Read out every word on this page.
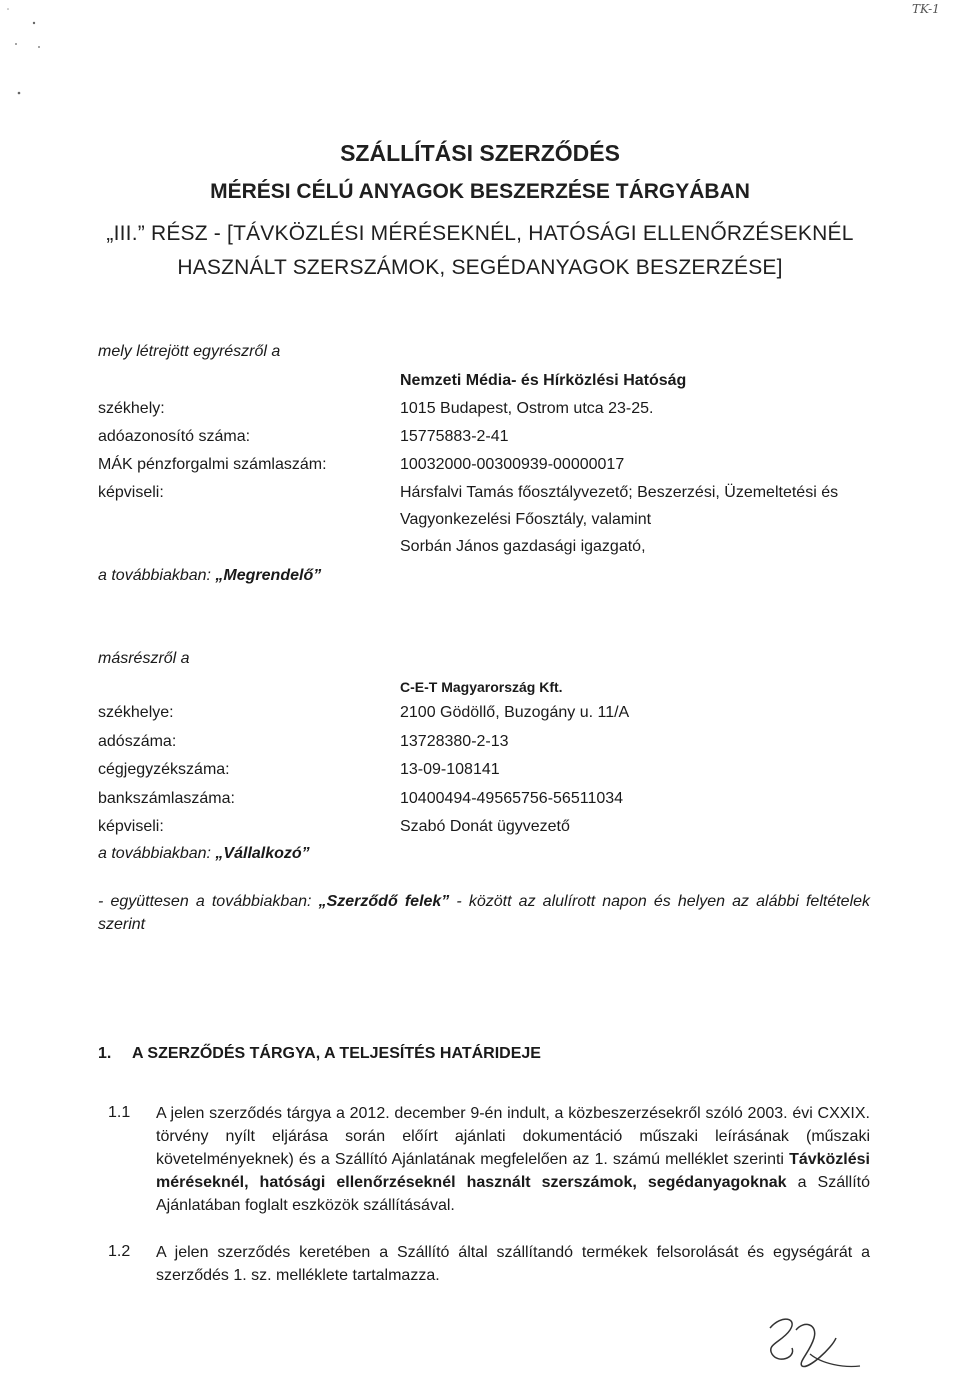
TK-1
SZÁLLÍTÁSI SZERZŐDÉS
MÉRÉSI CÉLÚ ANYAGOK BESZERZÉSE TÁRGYÁBAN
„III.” RÉSZ - [TÁVKÖZLÉSI MÉRÉSEKNÉL, HATÓSÁGI ELLENŐRZÉSEKNÉL
HASZNÁLT SZERSZÁMOK, SEGÉDANYAGOK BESZERZÉSE]
mely létrejött egyrészről a
Nemzeti Média- és Hírközlési Hatóság
székhely:	1015 Budapest, Ostrom utca 23-25.
adóazonosító száma:	15775883-2-41
MÁK pénzforgalmi számlaszám:	10032000-00300939-00000017
képviseli:	Hársfalvi Tamás főosztályvezető; Beszerzési, Üzemeltetési és
Vagyonkezelési Főosztály, valamint
Sorbán János gazdasági igazgató,
a továbbiakban: „Megrendelő”
másrészről a
C-E-T Magyarország Kft.
székhelye:	2100 Gödöllő, Buzogány u. 11/A
adószáma:	13728380-2-13
cégjegyzékszáma:	13-09-108141
bankszámlaszáma:	10400494-49565756-56511034
képviseli:	Szabó Donát ügyvezető
a továbbiakban: „Vállalkozó”
- együttesen a továbbiakban: „Szerződő felek” - között az alulírott napon és helyen az alábbi feltételek szerint
1. A SZERZŐDÉS TÁRGYA, A TELJESÍTÉS HATÁRIDEJE
1.1 A jelen szerződés tárgya a 2012. december 9-én indult, a közbeszerzésekről szóló 2003. évi CXXIX. törvény nyílt eljárása során előírt ajánlati dokumentáció műszaki leírásának (műszaki követelményeknek) és a Szállító Ajánlatának megfelelően az 1. számú melléklet szerinti Távközlési méréseknél, hatósági ellenőrzéseknél használt szerszámok, segédanyagoknak a Szállító Ajánlatában foglalt eszközök szállításával.
1.2 A jelen szerződés keretében a Szállító által szállítandó termékek felsorolását és egységárát a szerződés 1. sz. melléklete tartalmazza.
